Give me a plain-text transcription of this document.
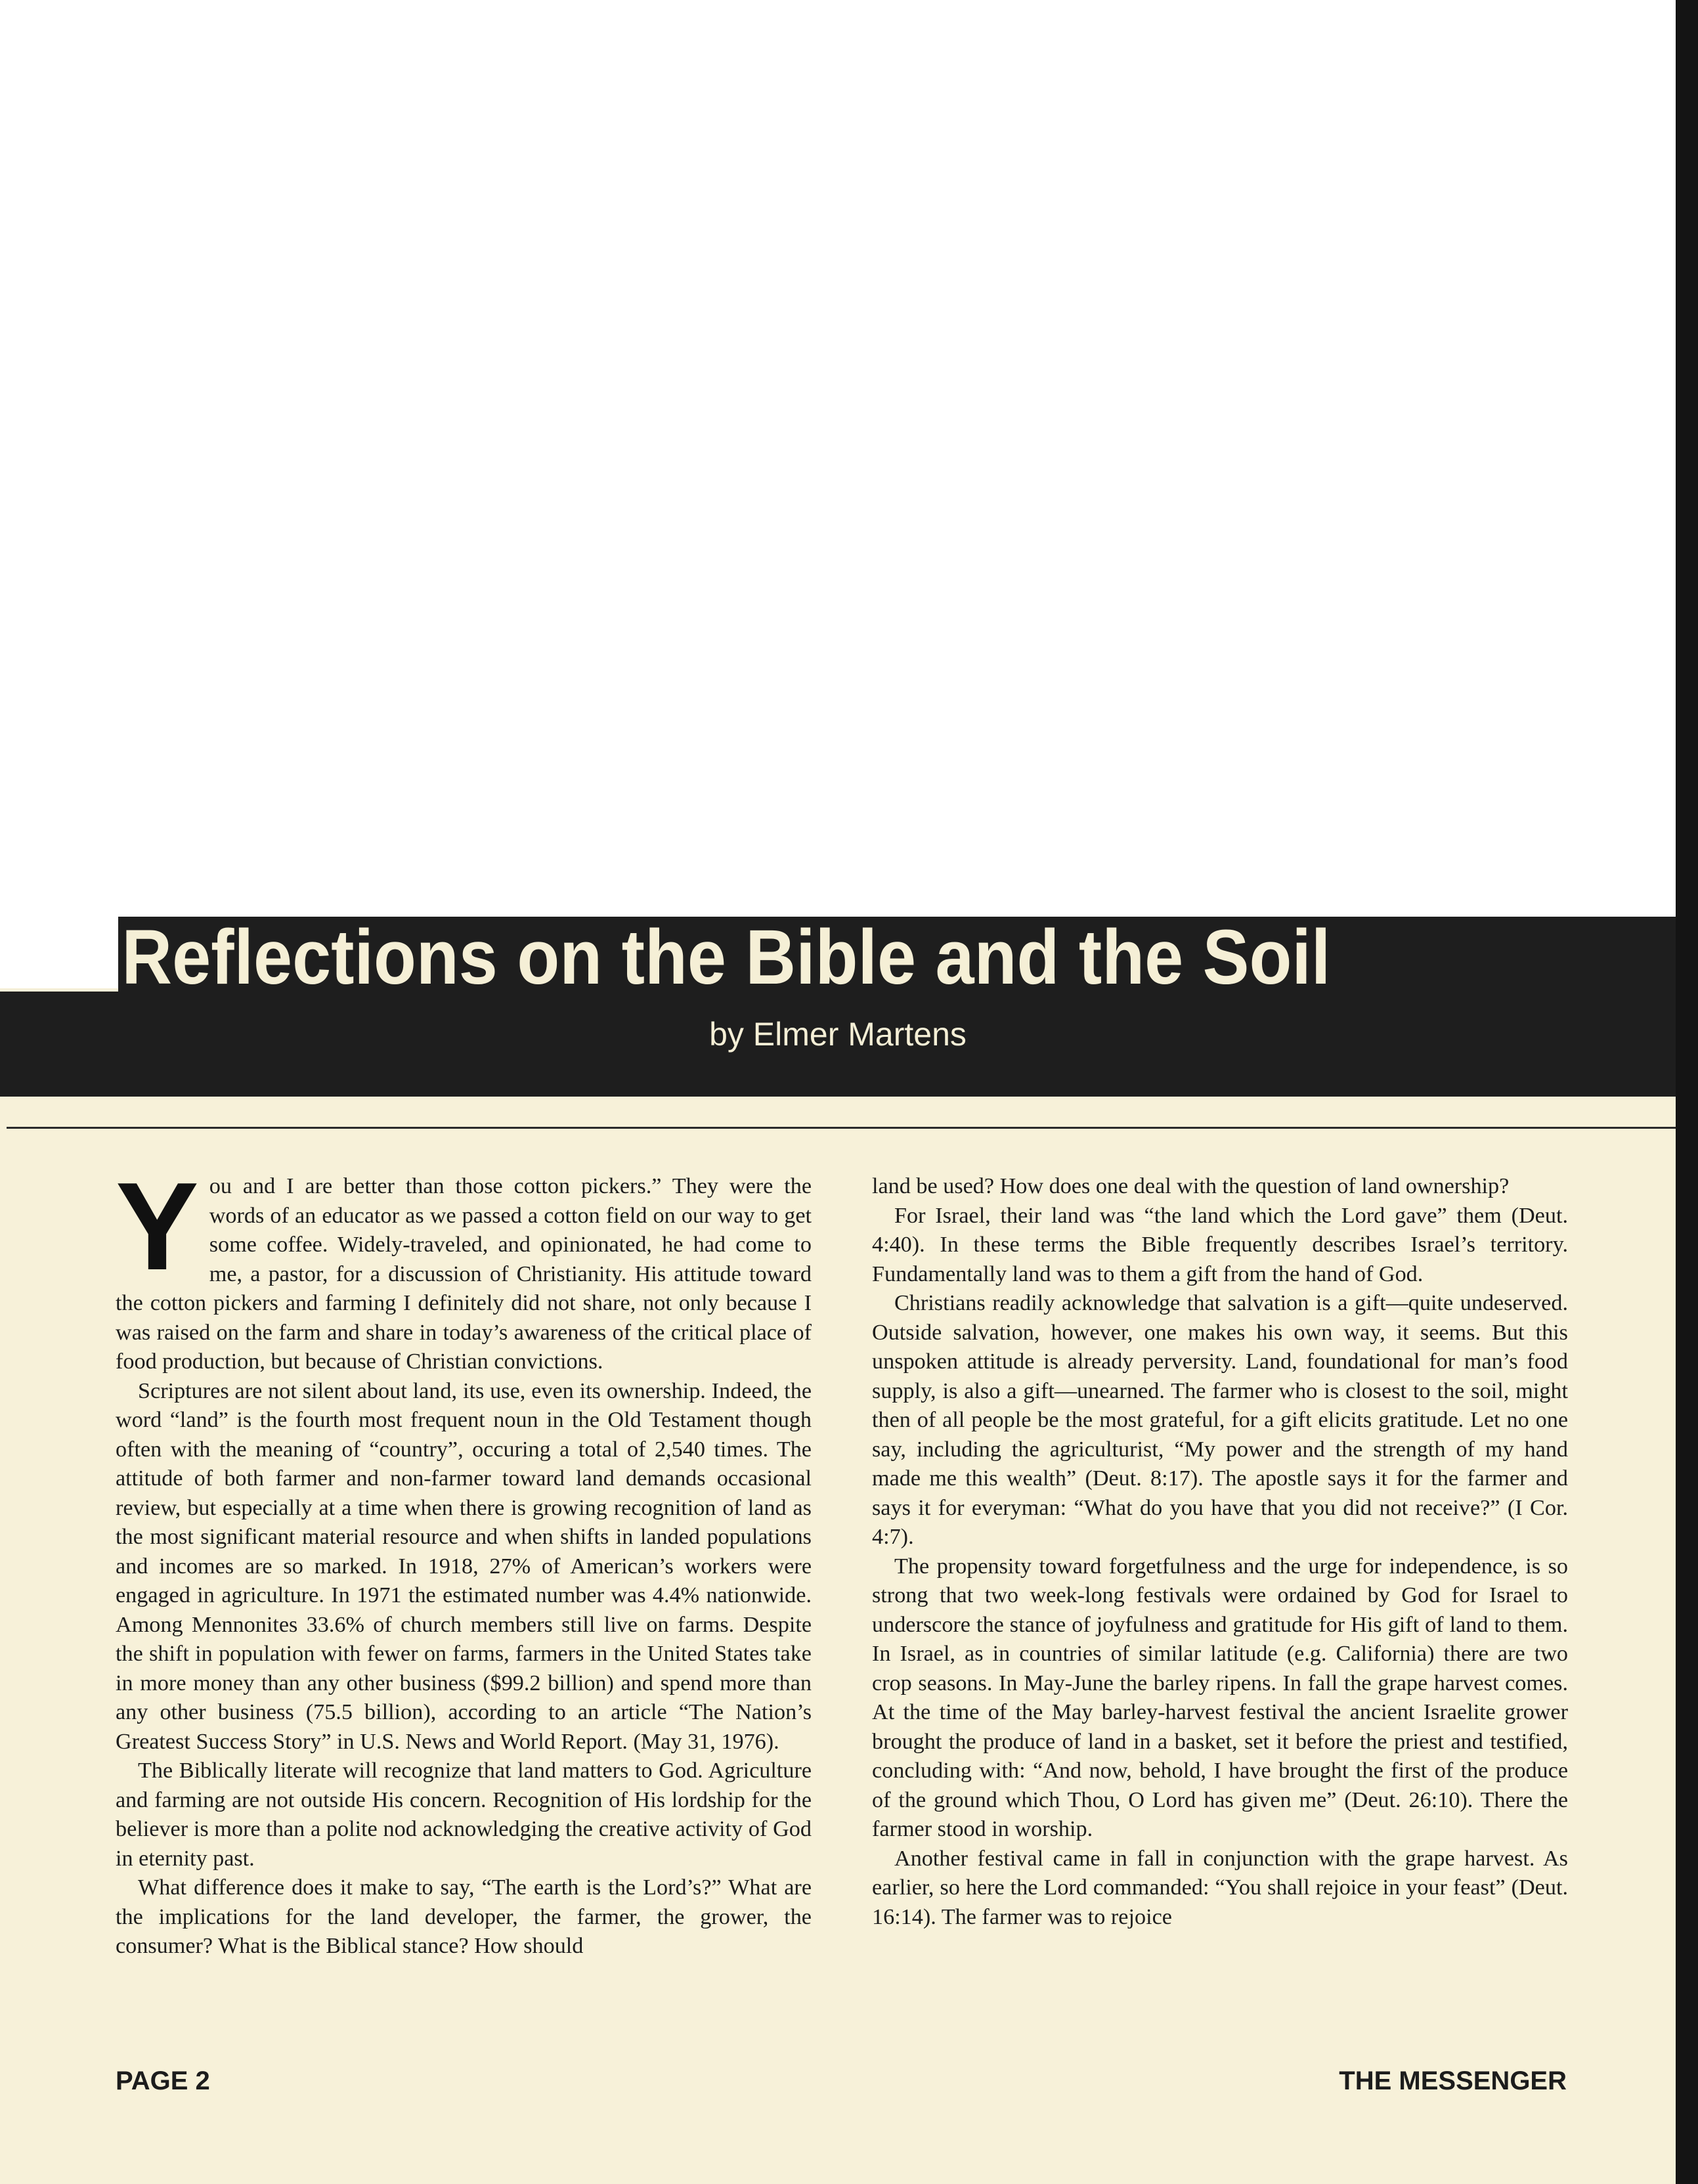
Reflections on the Bible and the Soil
by Elmer Martens

You and I are better than those cotton pickers.” They were the words of an educator as we passed a cotton field on our way to get some coffee. Widely-traveled, and opinionated, he had come to me, a pastor, for a discussion of Christianity. His attitude toward the cotton pickers and farming I definitely did not share, not only because I was raised on the farm and share in today’s awareness of the critical place of food production, but because of Christian convictions.

Scriptures are not silent about land, its use, even its ownership. Indeed, the word “land” is the fourth most frequent noun in the Old Testament though often with the meaning of “country”, occuring a total of 2,540 times. The attitude of both farmer and non-farmer toward land demands occasional review, but especially at a time when there is growing recognition of land as the most significant material resource and when shifts in landed populations and incomes are so marked. In 1918, 27% of American’s workers were engaged in agriculture. In 1971 the estimated number was 4.4% nationwide. Among Mennonites 33.6% of church members still live on farms. Despite the shift in population with fewer on farms, farmers in the United States take in more money than any other business ($99.2 billion) and spend more than any other business (75.5 billion), according to an article “The Nation’s Greatest Success Story” in U.S. News and World Report. (May 31, 1976).

The Biblically literate will recognize that land matters to God. Agriculture and farming are not outside His concern. Recognition of His lordship for the believer is more than a polite nod acknowledging the creative activity of God in eternity past.

What difference does it make to say, “The earth is the Lord’s?” What are the implications for the land developer, the farmer, the grower, the consumer? What is the Biblical stance? How should

land be used? How does one deal with the question of land ownership?

For Israel, their land was “the land which the Lord gave” them (Deut. 4:40). In these terms the Bible frequently describes Israel’s territory. Fundamentally land was to them a gift from the hand of God.

Christians readily acknowledge that salvation is a gift—quite undeserved. Outside salvation, however, one makes his own way, it seems. But this unspoken attitude is already perversity. Land, foundational for man’s food supply, is also a gift—unearned. The farmer who is closest to the soil, might then of all people be the most grateful, for a gift elicits gratitude. Let no one say, including the agriculturist, “My power and the strength of my hand made me this wealth” (Deut. 8:17). The apostle says it for the farmer and says it for everyman: “What do you have that you did not receive?” (I Cor. 4:7).

The propensity toward forgetfulness and the urge for independence, is so strong that two week-long festivals were ordained by God for Israel to underscore the stance of joyfulness and gratitude for His gift of land to them. In Israel, as in countries of similar latitude (e.g. California) there are two crop seasons. In May-June the barley ripens. In fall the grape harvest comes. At the time of the May barley-harvest festival the ancient Israelite grower brought the produce of land in a basket, set it before the priest and testified, concluding with: “And now, behold, I have brought the first of the produce of the ground which Thou, O Lord has given me” (Deut. 26:10). There the farmer stood in worship.

Another festival came in fall in conjunction with the grape harvest. As earlier, so here the Lord commanded: “You shall rejoice in your feast” (Deut. 16:14). The farmer was to rejoice

PAGE 2	THE MESSENGER
